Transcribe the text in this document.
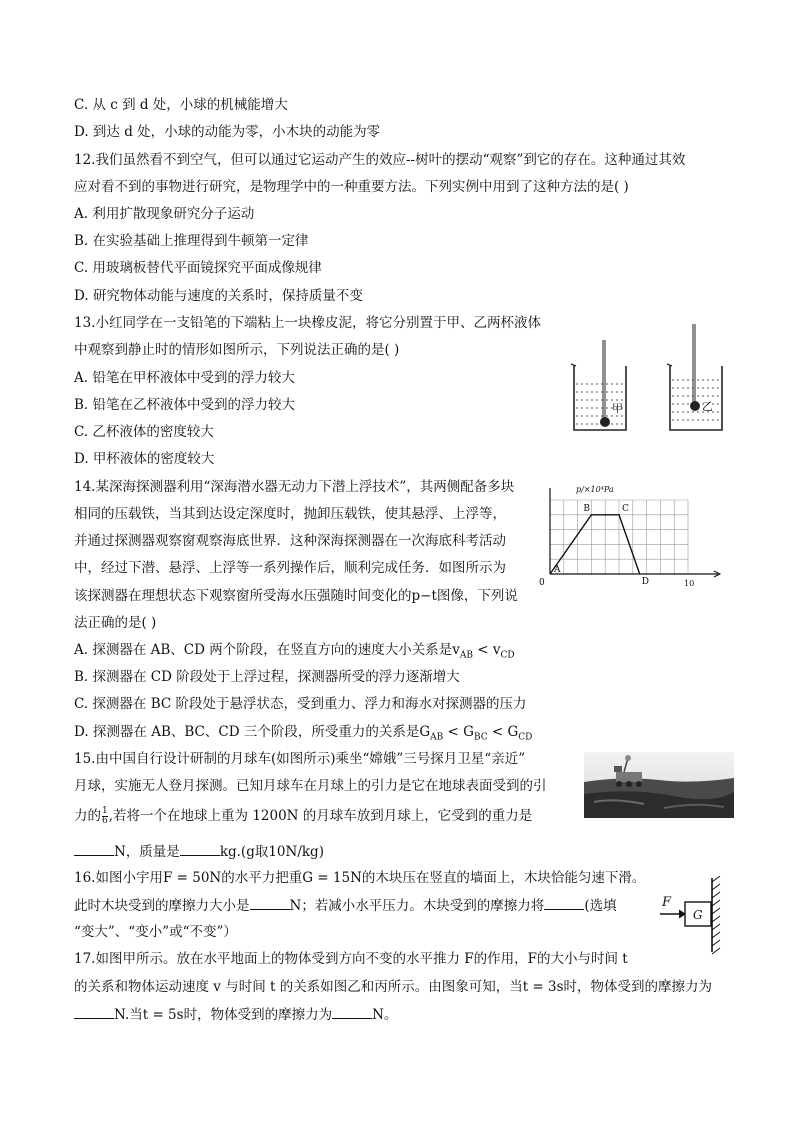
C. 从 c 到 d 处，小球的机械能增大
D. 到达 d 处，小球的动能为零，小木块的动能为零
12.我们虽然看不到空气，但可以通过它运动产生的效应--树叶的摆动“观察”到它的存在。这种通过其效
应对看不到的事物进行研究，是物理学中的一种重要方法。下列实例中用到了这种方法的是( )
A. 利用扩散现象研究分子运动
B. 在实验基础上推理得到牛顿第一定律
C. 用玻璃板替代平面镜探究平面成像规律
D. 研究物体动能与速度的关系时，保持质量不变
13.小红同学在一支铅笔的下端粘上一块橡皮泥，将它分别置于甲、乙两杯液体
中观察到静止时的情形如图所示，下列说法正确的是( )
A. 铅笔在甲杯液体中受到的浮力较大
B. 铅笔在乙杯液体中受到的浮力较大
C. 乙杯液体的密度较大
D. 甲杯液体的密度较大
14.某深海探测器利用“深海潜水器无动力下潜上浮技术”，其两侧配备多块
相同的压载铁，当其到达设定深度时，抛卸压载铁，使其悬浮、上浮等，
并通过探测器观察窗观察海底世界．这种深海探测器在一次海底科考活动
中，经过下潜、悬浮、上浮等一系列操作后，顺利完成任务．如图所示为
该探测器在理想状态下观察窗所受海水压强随时间变化的p−t图像，下列说
法正确的是( )
A. 探测器在 AB、CD 两个阶段，在竖直方向的速度大小关系是$v_{AB} < v_{CD}$
B. 探测器在 CD 阶段处于上浮过程，探测器所受的浮力逐渐增大
C. 探测器在 BC 阶段处于悬浮状态，受到重力、浮力和海水对探测器的压力
D. 探测器在 AB、BC、CD 三个阶段，所受重力的关系是$G_{AB} < G_{BC} < G_{CD}$
15.由中国自行设计研制的月球车(如图所示)乘坐“嫦娥”三号探月卫星“亲近”
月球，实施无人登月探测。已知月球车在月球上的引力是它在地球表面受到的引
力的 $\frac{1}{6}$ ,若将一个在地球上重为 1200N 的月球车放到月球上，它受到的重力是
N，质量是	kg.(g取10N/kg)
16.如图小宇用F = 50N的水平力把重G = 15N的木块压在竖直的墙面上，木块恰能匀速下滑。
此时木块受到的摩擦力大小是	N；若减小水平压力。木块受到的摩擦力将	(选填
“变大”、“变小”或“不变”）
17.如图甲所示。放在水平地面上的物体受到方向不变的水平推力 F的作用，F的大小与时间 t
的关系和物体运动速度 v 与时间 t 的关系如图乙和丙所示。由图象可知，当t = 3s时，物体受到的摩擦力为
N.当t = 5s时，物体受到的摩擦力为	N。
甲	乙
p/×10⁴Pa
0	10
A
B	C
D
F
G
